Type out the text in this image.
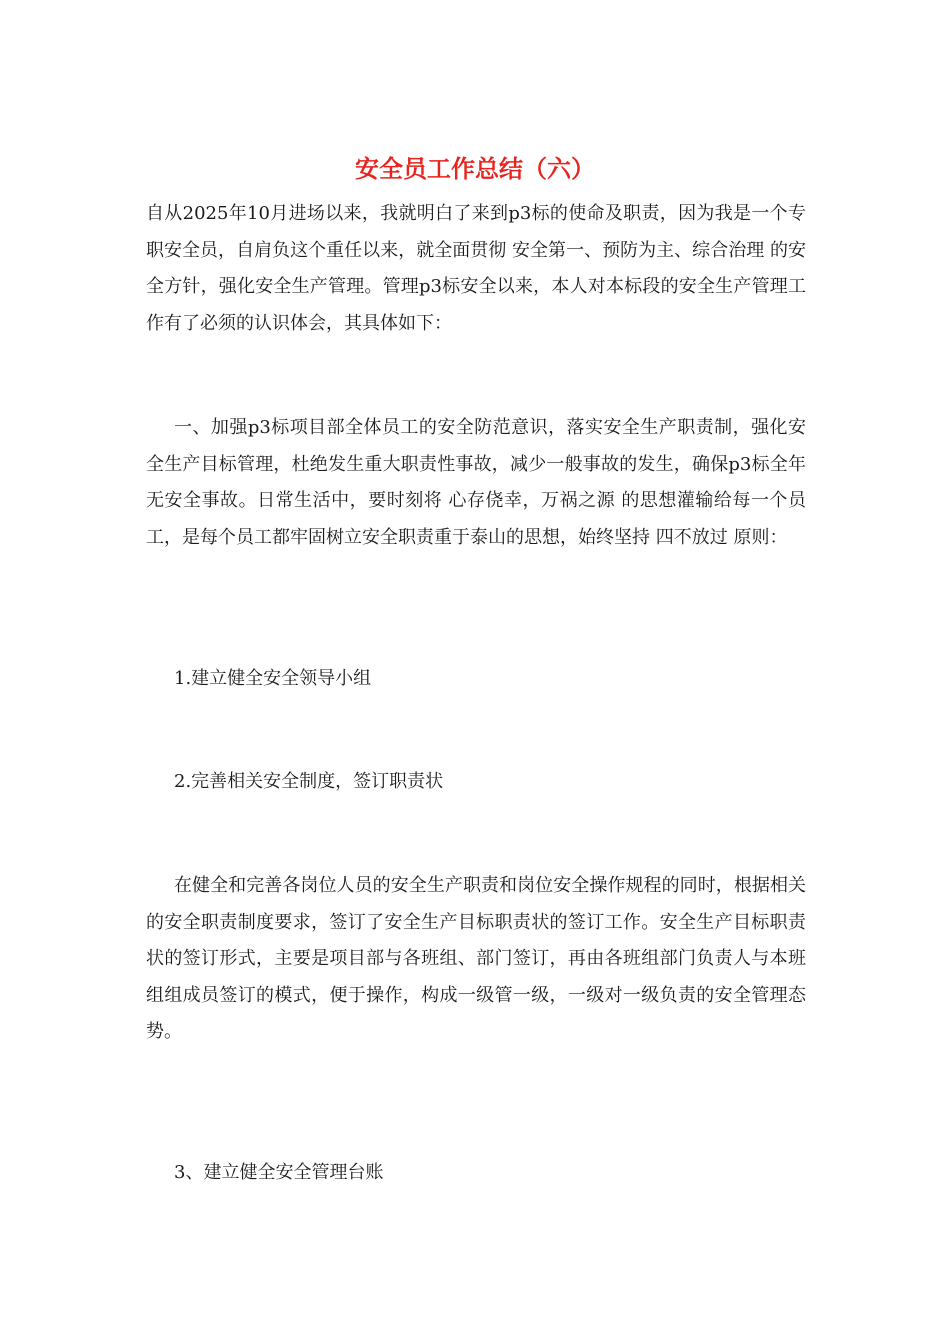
安全员工作总结（六）

自从2025年10月进场以来，我就明白了来到p3标的使命及职责，因为我是一个专职安全员，自肩负这个重任以来，就全面贯彻 安全第一、预防为主、综合治理 的安全方针，强化安全生产管理。管理p3标安全以来，本人对本标段的安全生产管理工作有了必须的认识体会，其具体如下：

一、加强p3标项目部全体员工的安全防范意识，落实安全生产职责制，强化安全生产目标管理，杜绝发生重大职责性事故，减少一般事故的发生，确保p3标全年无安全事故。日常生活中，要时刻将 心存侥幸，万祸之源 的思想灌输给每一个员工，是每个员工都牢固树立安全职责重于泰山的思想，始终坚持 四不放过 原则：

1.建立健全安全领导小组

2.完善相关安全制度，签订职责状

在健全和完善各岗位人员的安全生产职责和岗位安全操作规程的同时，根据相关的安全职责制度要求，签订了安全生产目标职责状的签订工作。安全生产目标职责状的签订形式，主要是项目部与各班组、部门签订，再由各班组部门负责人与本班组组成员签订的模式，便于操作，构成一级管一级，一级对一级负责的安全管理态势。

3、建立健全安全管理台账
